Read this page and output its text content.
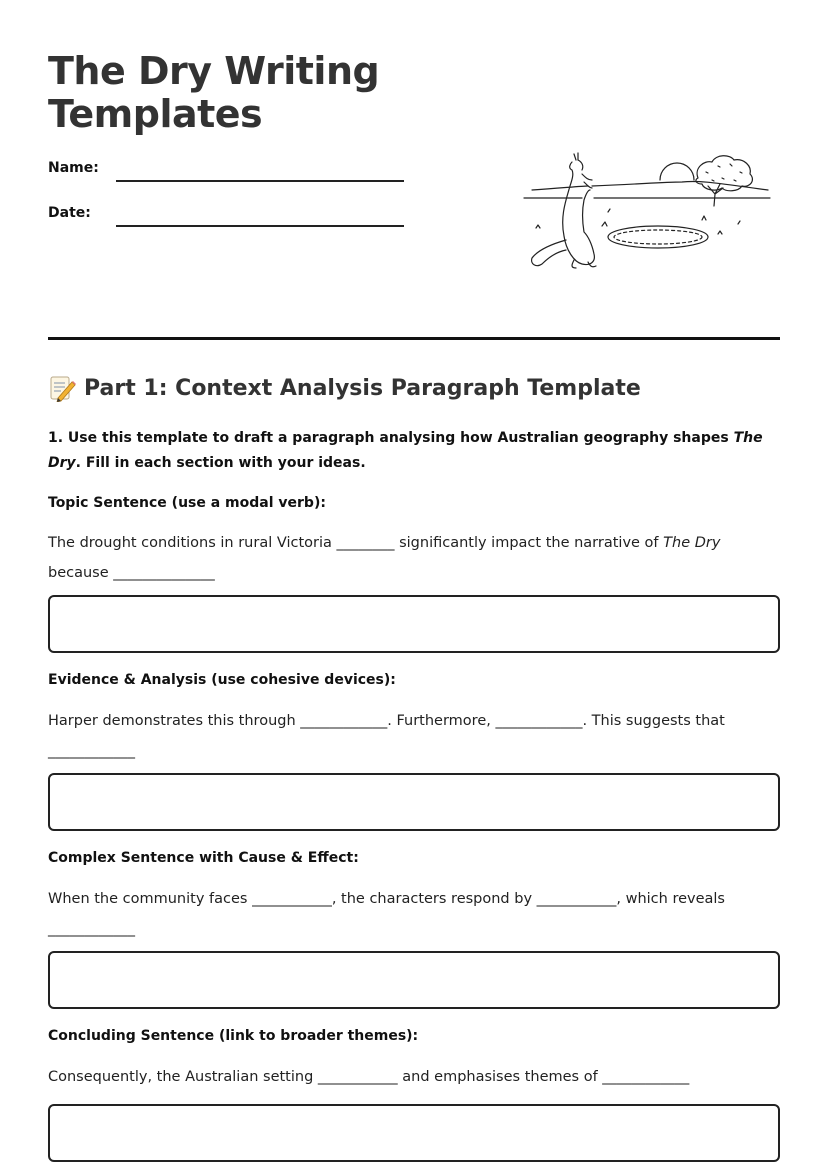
The Dry Writing Templates
Name:
Date:
Part 1: Context Analysis Paragraph Template

1. Use this template to draft a paragraph analysing how Australian geography shapes The Dry. Fill in each section with your ideas.

Topic Sentence (use a modal verb):

The drought conditions in rural Victoria ________ significantly impact the narrative of The Dry because ______________

Evidence & Analysis (use cohesive devices):

Harper demonstrates this through ____________. Furthermore, ____________. This suggests that ____________

Complex Sentence with Cause & Effect:

When the community faces ___________, the characters respond by ___________, which reveals ____________

Concluding Sentence (link to broader themes):

Consequently, the Australian setting ___________ and emphasises themes of ____________
